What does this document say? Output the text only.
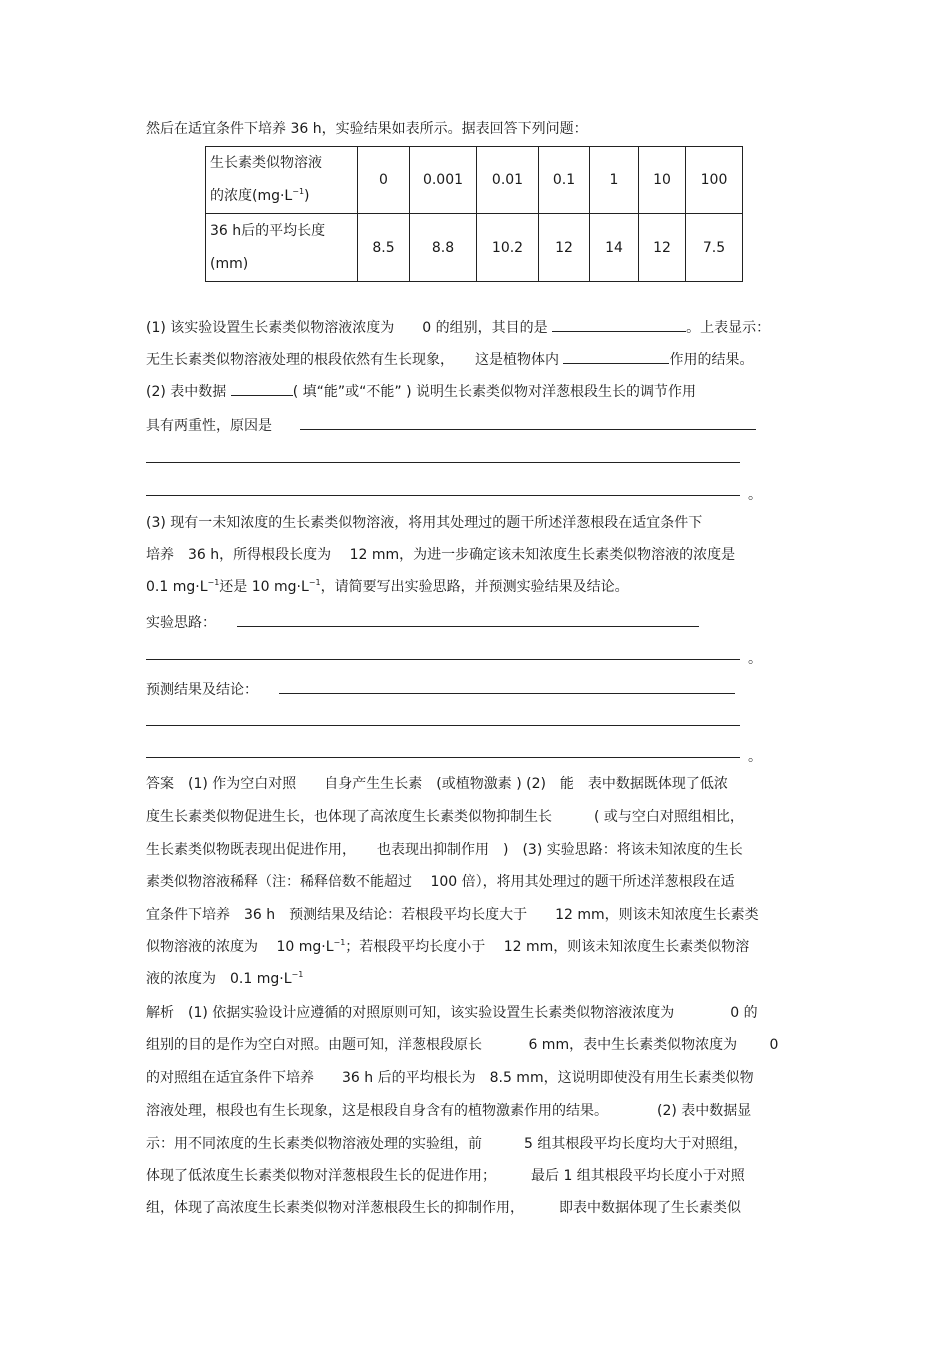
然后在适宜条件下培养 36 h，实验结果如表所示。据表回答下列问题：
生长素类似物溶液
的浓度$(mg\cdot L^{-1})$	0	0.001	0.01	0.1	1	10	100

36 h后的平均长度
(mm)	8.5	8.8	10.2	12	14	12	7.5
(1) 该实验设置生长素类似物溶液浓度为　　0 的组别，其目的是	。上表显示：
无生长素类似物溶液处理的根段依然有生长现象，　　这是植物体内	作用的结果。
(2) 表中数据	( 填“能”或“不能” ) 说明生长素类似物对洋葱根段生长的调节作用
具有两重性，原因是　　
。
(3) 现有一未知浓度的生长素类似物溶液，将用其处理过的题干所述洋葱根段在适宜条件下
培养　36 h，所得根段长度为　 12 mm，为进一步确定该未知浓度生长素类似物溶液的浓度是
0.1 $mg\cdot L^{-1}$还是 10 $mg\cdot L^{-1}$，请简要写出实验思路，并预测实验结果及结论。
实验思路：　　
。
预测结果及结论：　　
。
答案　(1) 作为空白对照　　自身产生生长素　(或植物激素 ) (2)　能　表中数据既体现了低浓
度生长素类似物促进生长，也体现了高浓度生长素类似物抑制生长　　　( 或与空白对照组相比，
生长素类似物既表现出促进作用，　　也表现出抑制作用　)　(3) 实验思路：将该未知浓度的生长
素类似物溶液稀释（注：稀释倍数不能超过　 100 倍），将用其处理过的题干所述洋葱根段在适
宜条件下培养　36 h　预测结果及结论：若根段平均长度大于　　12 mm，则该未知浓度生长素类
似物溶液的浓度为　 10 $mg\cdot L^{-1}$；若根段平均长度小于　 12 mm，则该未知浓度生长素类似物溶
液的浓度为　0.1 $mg\cdot L^{-1}$
解析　(1) 依据实验设计应遵循的对照原则可知，该实验设置生长素类似物溶液浓度为　　　　0 的
组别的目的是作为空白对照。由题可知，洋葱根段原长　　　 6 mm，表中生长素类似物浓度为　　 0
的对照组在适宜条件下培养　　36 h 后的平均根长为　8.5 mm，这说明即使没有用生长素类似物
溶液处理，根段也有生长现象，这是根段自身含有的植物激素作用的结果。　　　　(2) 表中数据显
示：用不同浓度的生长素类似物溶液处理的实验组，前　　　5 组其根段平均长度均大于对照组，
体现了低浓度生长素类似物对洋葱根段生长的促进作用；　　　最后 1 组其根段平均长度小于对照
组，体现了高浓度生长素类似物对洋葱根段生长的抑制作用，　　　即表中数据体现了生长素类似
